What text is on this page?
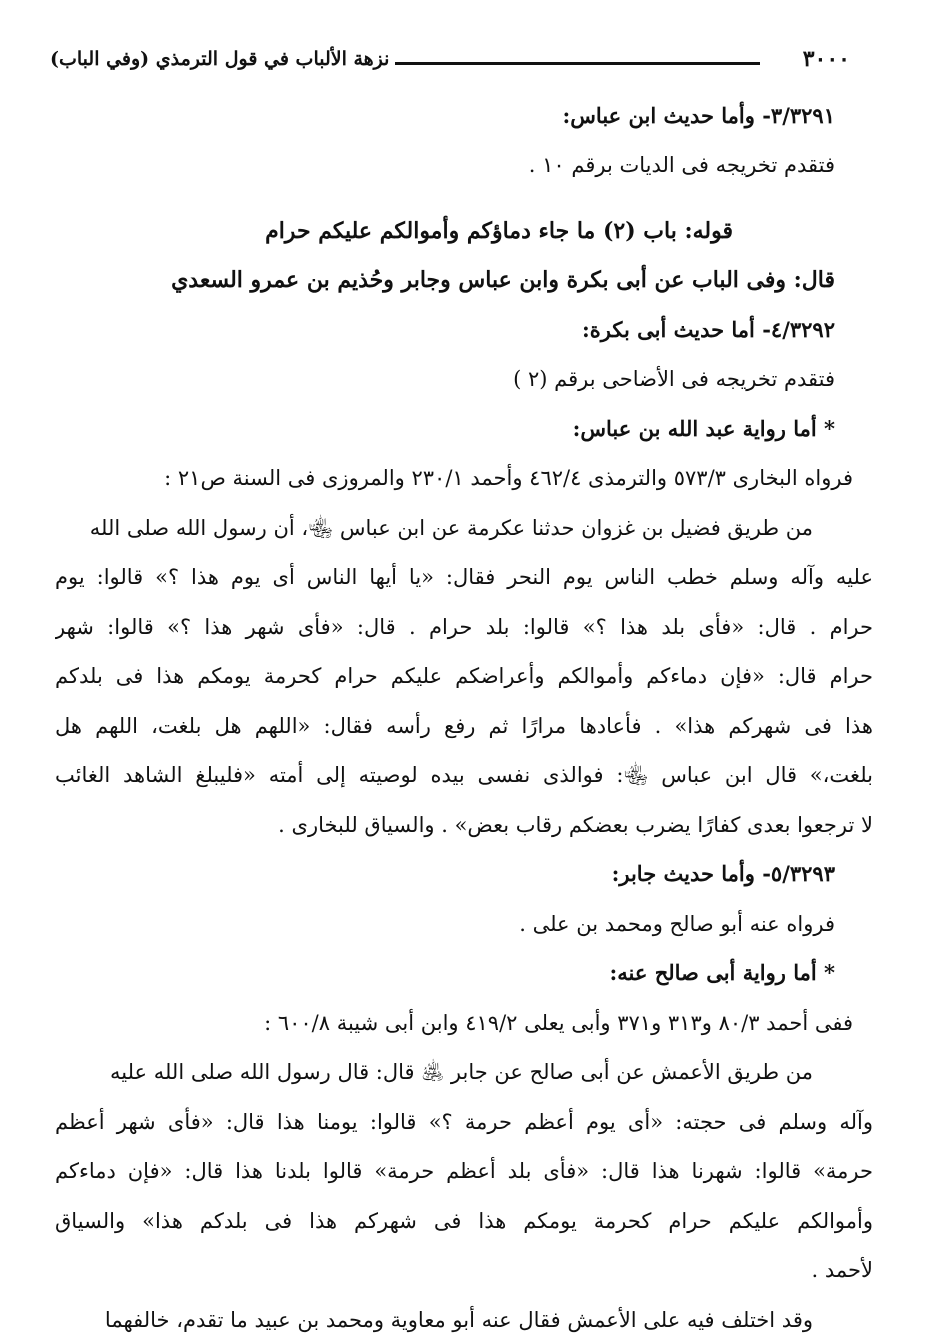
٣٠٠٠
نزهة الألباب في قول الترمذي (وفي الباب)
٣/٣٢٩١- وأما حديث ابن عباس:
فتقدم تخريجه فى الديات برقم ١٠ .
قوله: باب (٢) ما جاء دماؤكم وأموالكم عليكم حرام
قال: وفى الباب عن أبى بكرة وابن عباس وجابر وحُذيم بن عمرو السعدي
٤/٣٢٩٢- أما حديث أبى بكرة:
فتقدم تخريجه فى الأضاحى برقم (٢ )
* أما رواية عبد الله بن عباس:
فرواه البخارى ٥٧٣/٣ والترمذى ٤٦٢/٤ وأحمد ٢٣٠/١ والمروزى فى السنة ص٢١ :
من طريق فضيل بن غزوان حدثنا عكرمة عن ابن عباس ﵄، أن رسول الله صلى الله
عليه وآله وسلم خطب الناس يوم النحر فقال: «يا أيها الناس أى يوم هذا ؟» قالوا: يوم
حرام . قال: «فأى بلد هذا ؟» قالوا: بلد حرام . قال: «فأى شهر هذا ؟» قالوا: شهر
حرام قال: «فإن دماءكم وأموالكم وأعراضكم عليكم حرام كحرمة يومكم هذا فى بلدكم
هذا فى شهركم هذا» . فأعادها مرارًا ثم رفع رأسه فقال: «اللهم هل بلغت، اللهم هل
بلغت،» قال ابن عباس ﵄: فوالذى نفسى بيده لوصيته إلى أمته «فليبلغ الشاهد الغائب
لا ترجعوا بعدى كفارًا يضرب بعضكم رقاب بعض» . والسياق للبخارى .
٥/٣٢٩٣- وأما حديث جابر:
فرواه عنه أبو صالح ومحمد بن على .
* أما رواية أبى صالح عنه:
ففى أحمد ٨٠/٣ و٣١٣ و٣٧١ وأبى يعلى ٤١٩/٢ وابن أبى شيبة ٦٠٠/٨ :
من طريق الأعمش عن أبى صالح عن جابر ﵁ قال: قال رسول الله صلى الله عليه
وآله وسلم فى حجته: «أى يوم أعظم حرمة ؟» قالوا: يومنا هذا قال: «فأى شهر أعظم
حرمة» قالوا: شهرنا هذا قال: «فأى بلد أعظم حرمة» قالوا بلدنا هذا قال: «فإن دماءكم
وأموالكم عليكم حرام كحرمة يومكم هذا فى شهركم هذا فى بلدكم هذا» والسياق
لأحمد .
وقد اختلف فيه على الأعمش فقال عنه أبو معاوية ومحمد بن عبيد ما تقدم، خالفهما
